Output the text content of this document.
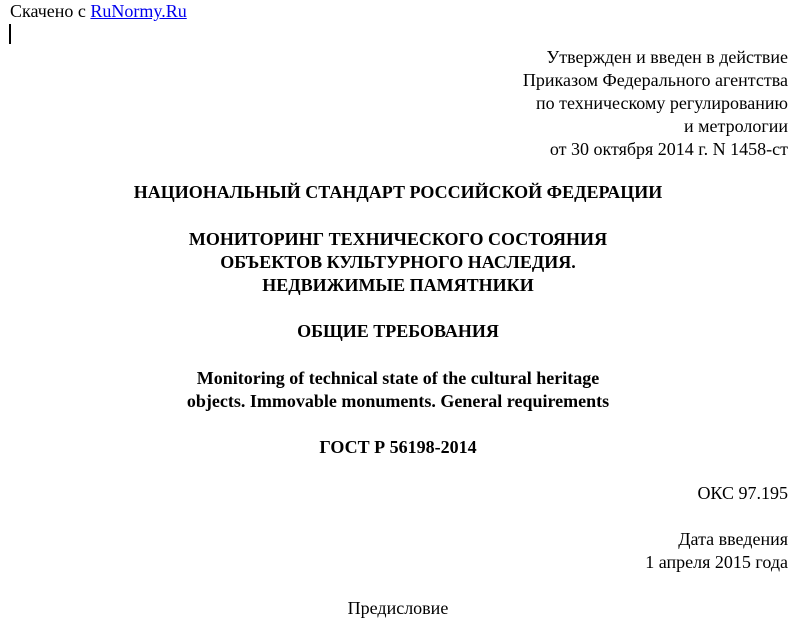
Скачено с RuNormy.Ru
Утвержден и введен в действие
Приказом Федерального агентства
по техническому регулированию
и метрологии
от 30 октября 2014 г. N 1458-ст
НАЦИОНАЛЬНЫЙ СТАНДАРТ РОССИЙСКОЙ ФЕДЕРАЦИИ
МОНИТОРИНГ ТЕХНИЧЕСКОГО СОСТОЯНИЯ
ОБЪЕКТОВ КУЛЬТУРНОГО НАСЛЕДИЯ.
НЕДВИЖИМЫЕ ПАМЯТНИКИ
ОБЩИЕ ТРЕБОВАНИЯ
Monitoring of technical state of the cultural heritage
objects. Immovable monuments. General requirements
ГОСТ Р 56198-2014
ОКС 97.195
Дата введения
1 апреля 2015 года
Предисловие
